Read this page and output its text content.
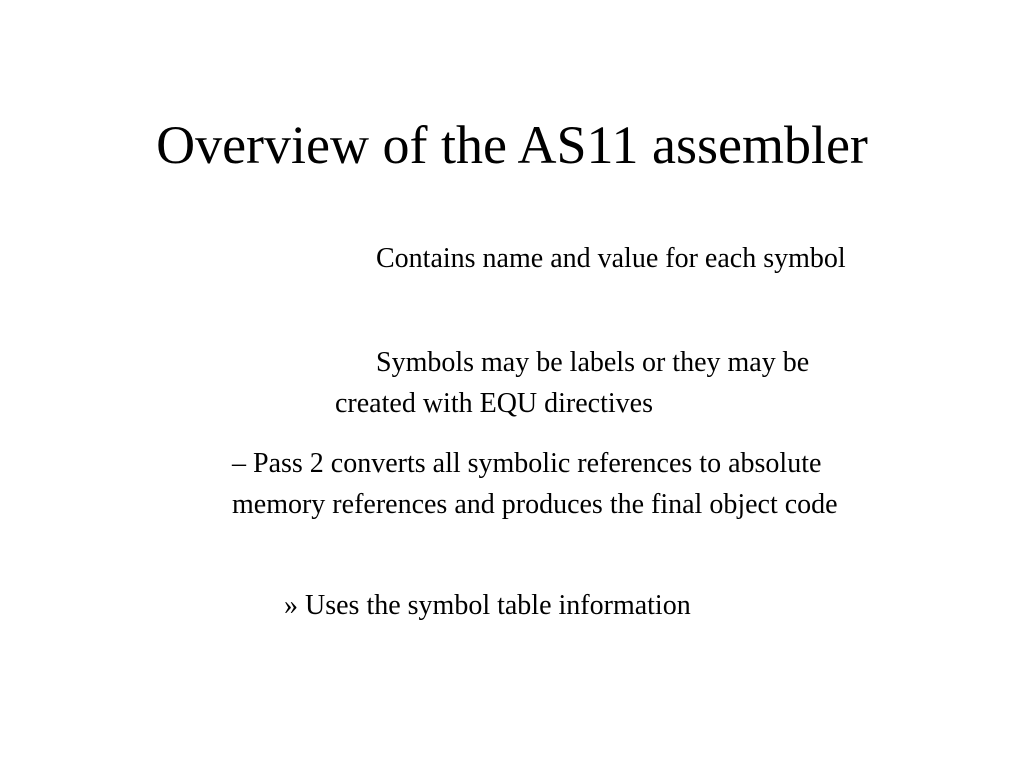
Overview of the AS11 assembler

Contains name and value for each symbol

Symbols may be labels or they may be created with EQU directives

– Pass 2 converts all symbolic references to absolute memory references and produces the final object code

» Uses the symbol table information
